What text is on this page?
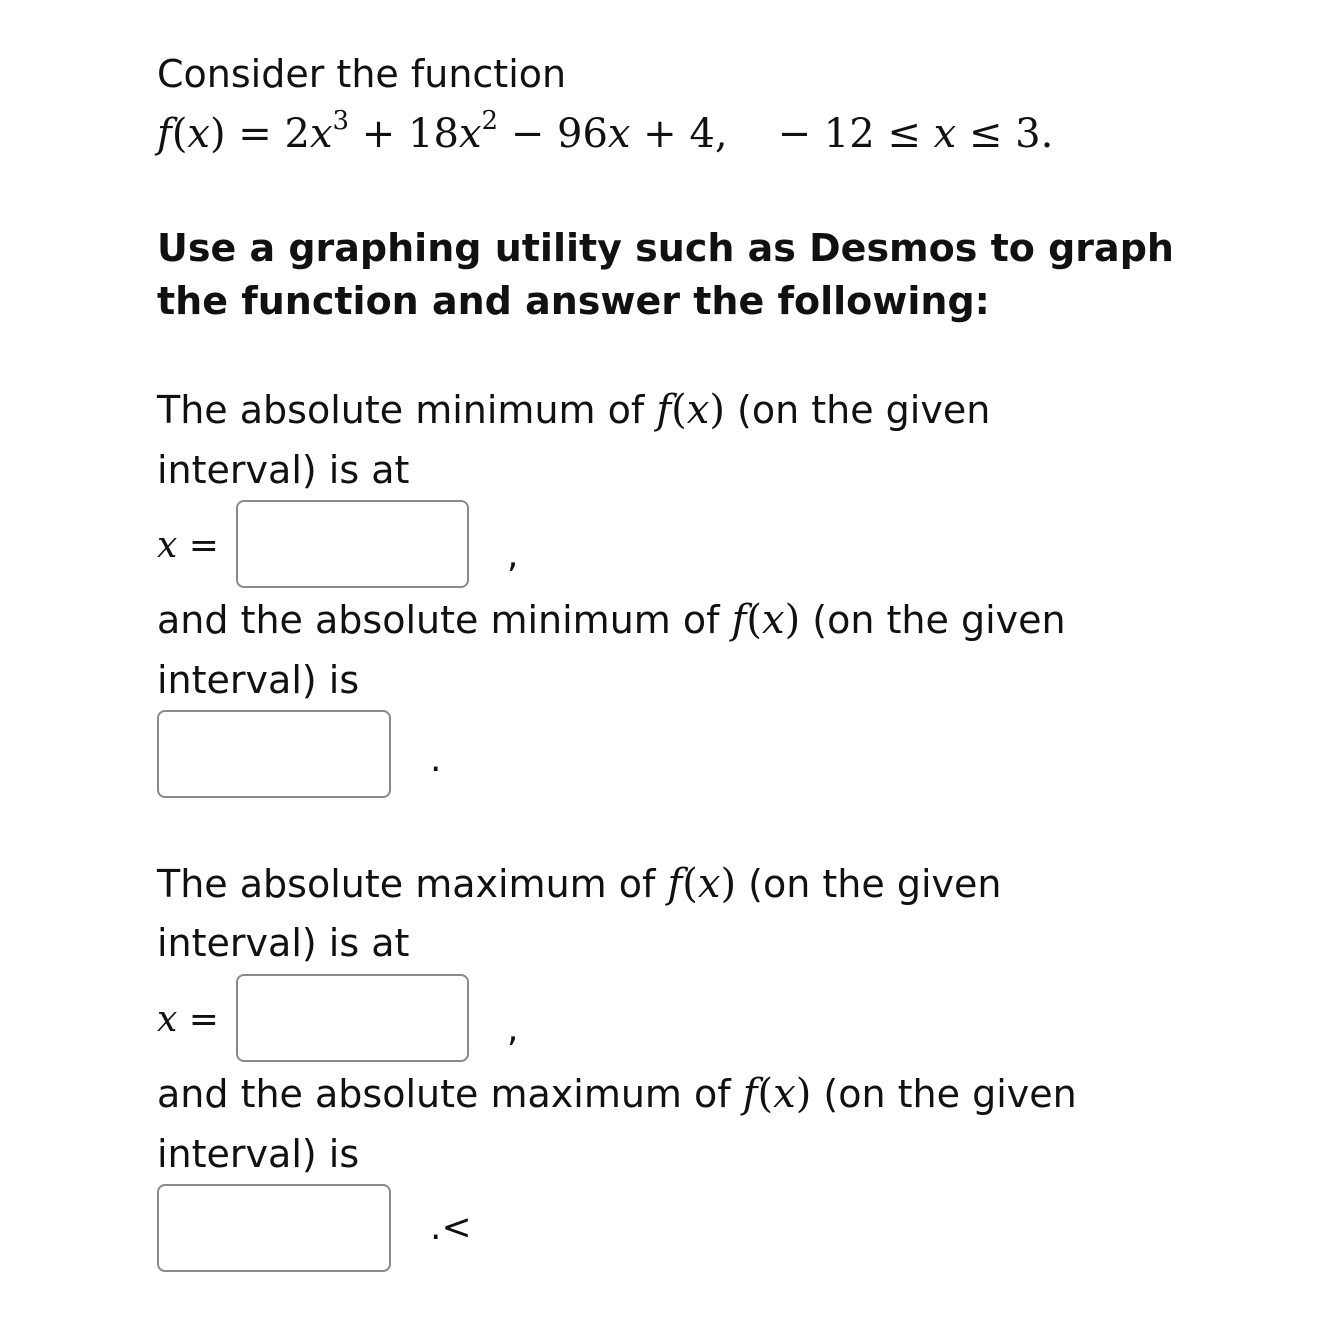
Consider the function
$f(x) = 2x^3 + 18x^2 - 96x + 4$, − 12 ≤ x ≤ 3.
Use a graphing utility such as Desmos to graph
the function and answer the following:
The absolute minimum of f(x) (on the given
interval) is at
x =	,
and the absolute minimum of f(x) (on the given
interval) is
.
The absolute maximum of f(x) (on the given
interval) is at
x =	,
and the absolute maximum of f(x) (on the given
interval) is
.<
